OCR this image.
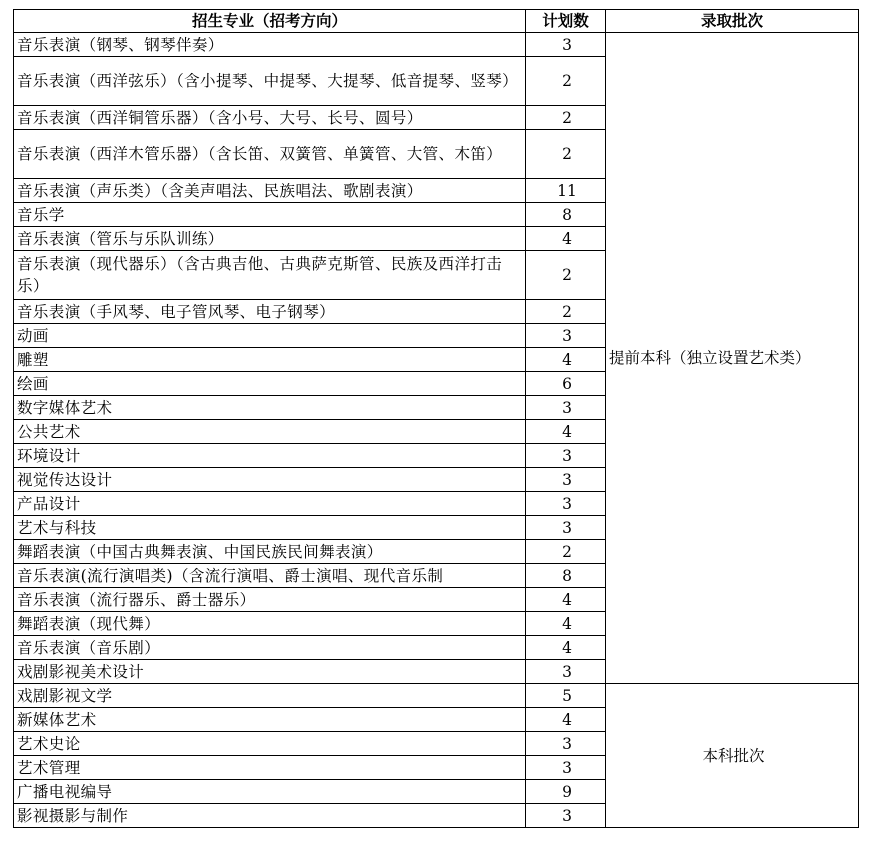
招生专业（招考方向）	计划数	录取批次
音乐表演（钢琴、钢琴伴奏）	3	提前本科（独立设置艺术类）
音乐表演（西洋弦乐）（含小提琴、中提琴、大提琴、低音提琴、竖琴）	2	
音乐表演（西洋铜管乐器）（含小号、大号、长号、圆号）	2	
音乐表演（西洋木管乐器）（含长笛、双簧管、单簧管、大管、木笛）	2	
音乐表演（声乐类）（含美声唱法、民族唱法、歌剧表演）	11	
音乐学	8	
音乐表演（管乐与乐队训练）	4	
音乐表演（现代器乐）（含古典吉他、古典萨克斯管、民族及西洋打击乐）	2	
音乐表演（手风琴、电子管风琴、电子钢琴）	2	
动画	3	
雕塑	4	
绘画	6	
数字媒体艺术	3	
公共艺术	4	
环境设计	3	
视觉传达设计	3	
产品设计	3	
艺术与科技	3	
舞蹈表演（中国古典舞表演、中国民族民间舞表演）	2	
音乐表演(流行演唱类)（含流行演唱、爵士演唱、现代音乐制	8	
音乐表演（流行器乐、爵士器乐）	4	
舞蹈表演（现代舞）	4	
音乐表演（音乐剧）	4	
戏剧影视美术设计	3	
戏剧影视文学	5	本科批次
新媒体艺术	4	
艺术史论	3	
艺术管理	3	
广播电视编导	9	
影视摄影与制作	3	
